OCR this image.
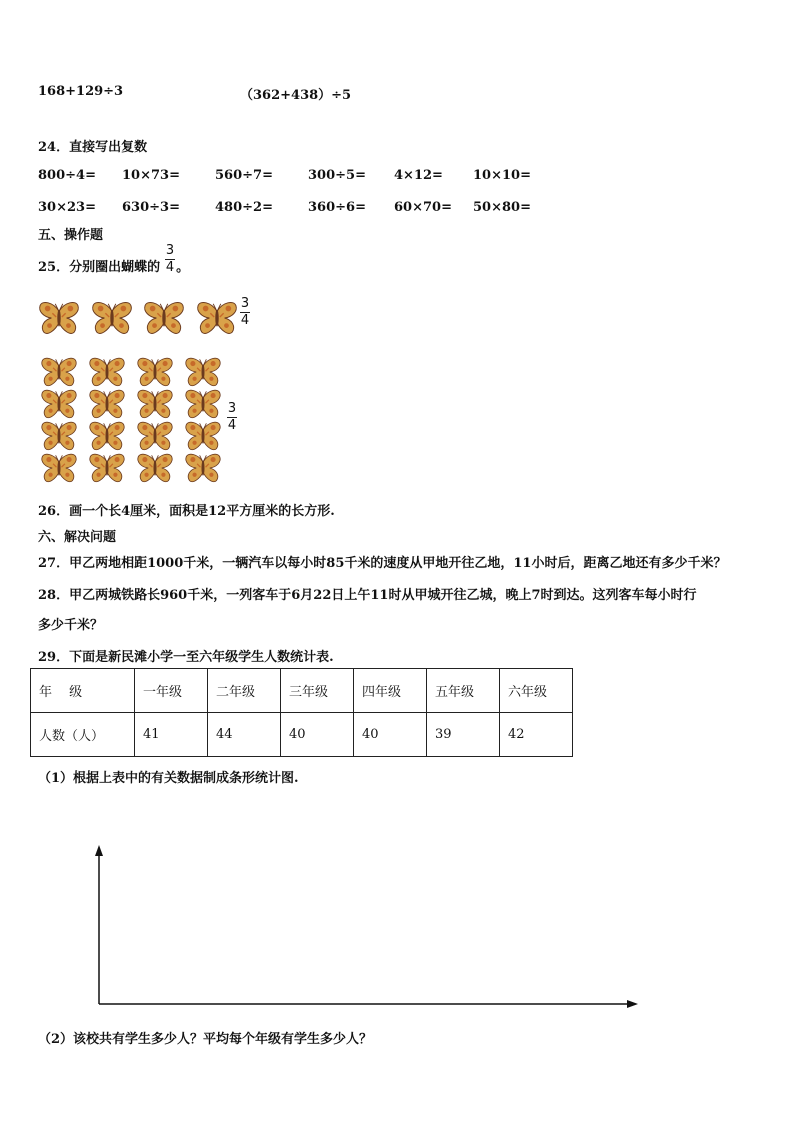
168+129÷3	（362+438）÷5
24．直接写出复数
800÷4= 10×73=	560÷7=	300÷5= 4×12= 10×10=
30×23= 630÷3=	480÷2=	360÷6= 60×70= 50×80=
五、操作题
25．分别圈出蝴蝶的 。
3
4
3
4
3
4
26．画一个长4厘米，面积是12平方厘米的长方形.
六、解决问题
27．甲乙两地相距1000千米，一辆汽车以每小时85千米的速度从甲地开往乙地，11小时后，距离乙地还有多少千米？
28．甲乙两城铁路长960千米，一列客车于6月22日上午11时从甲城开往乙城，晚上7时到达。这列客车每小时行
多少千米？
29．下面是新民滩小学一至六年级学生人数统计表.
年　 级	一年级	二年级	三年级	四年级	五年级	六年级
人数（人）	41	44	40	40	39	42
（1）根据上表中的有关数据制成条形统计图.
（2）该校共有学生多少人？平均每个年级有学生多少人？
